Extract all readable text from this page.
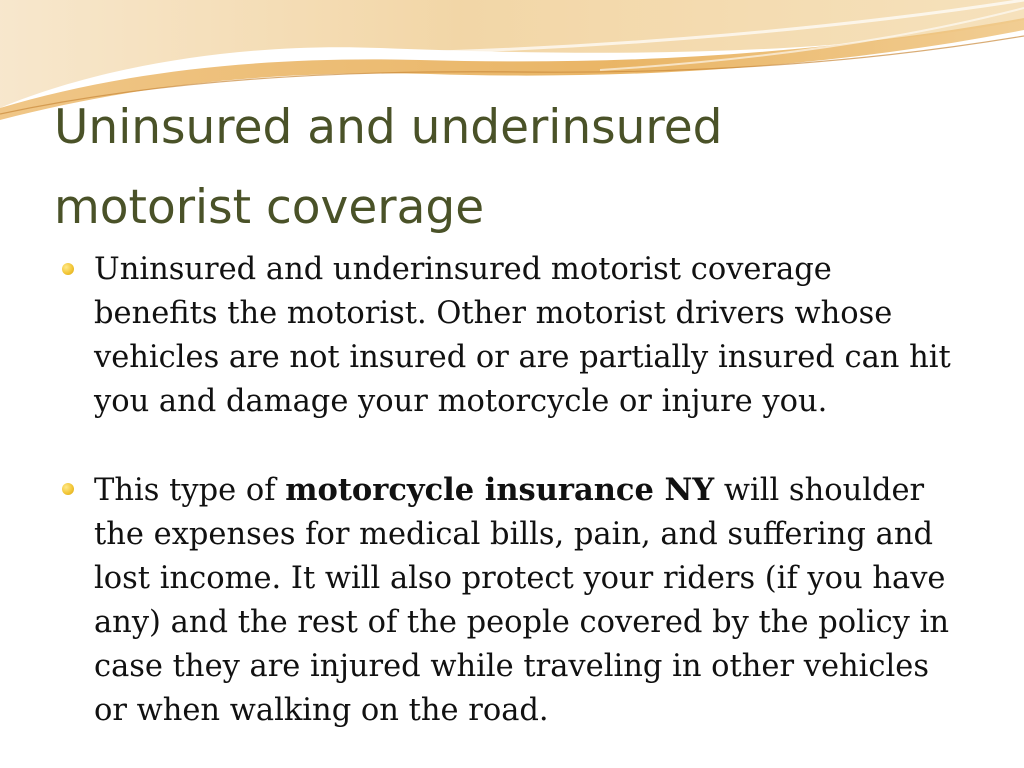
Uninsured and underinsured
motorist coverage
Uninsured and underinsured motorist coverage benefits the motorist. Other motorist drivers whose vehicles are not insured or are partially insured can hit you and damage your motorcycle or injure you.
This type of motorcycle insurance NY will shoulder the expenses for medical bills, pain, and suffering and lost income. It will also protect your riders (if you have any) and the rest of the people covered by the policy in case they are injured while traveling in other vehicles or when walking on the road.
